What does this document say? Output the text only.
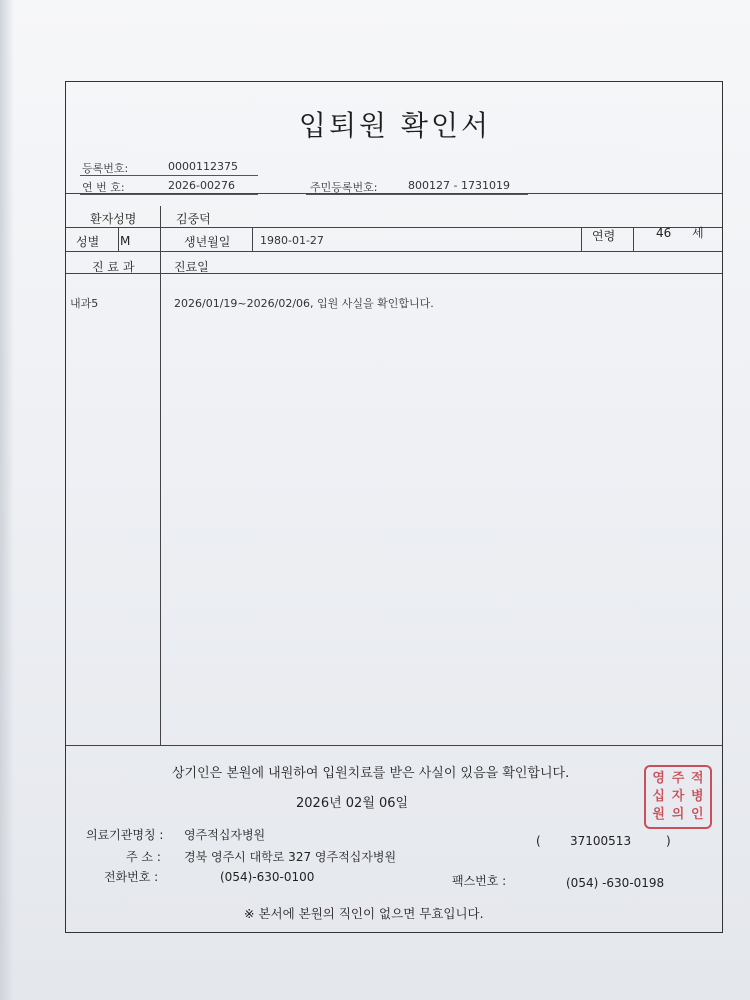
입퇴원 확인서
등록번호:	0000112375
연 번 호:	2026-00276	주민등록번호:	800127 - 1731019
환자성명	김중덕
성별 M	생년월일	1980-01-27	연령	46 세
진 료 과	진료일
내과5	2026/01/19~2026/02/06, 입원 사실을 확인합니다.
상기인은 본원에 내원하여 입원치료를 받은 사실이 있음을 확인합니다.
2026년 02월 06일
의료기관명칭 : 영주적십자병원	( 37100513	)
주 소 : 경북 영주시 대학로 327 영주적십자병원
전화번호 :	(054)-630-0100	팩스번호 :	(054) -630-0198
※ 본서에 본원의 직인이 없으면 무효입니다.
영 주 적
십 자 병
원 의 인
